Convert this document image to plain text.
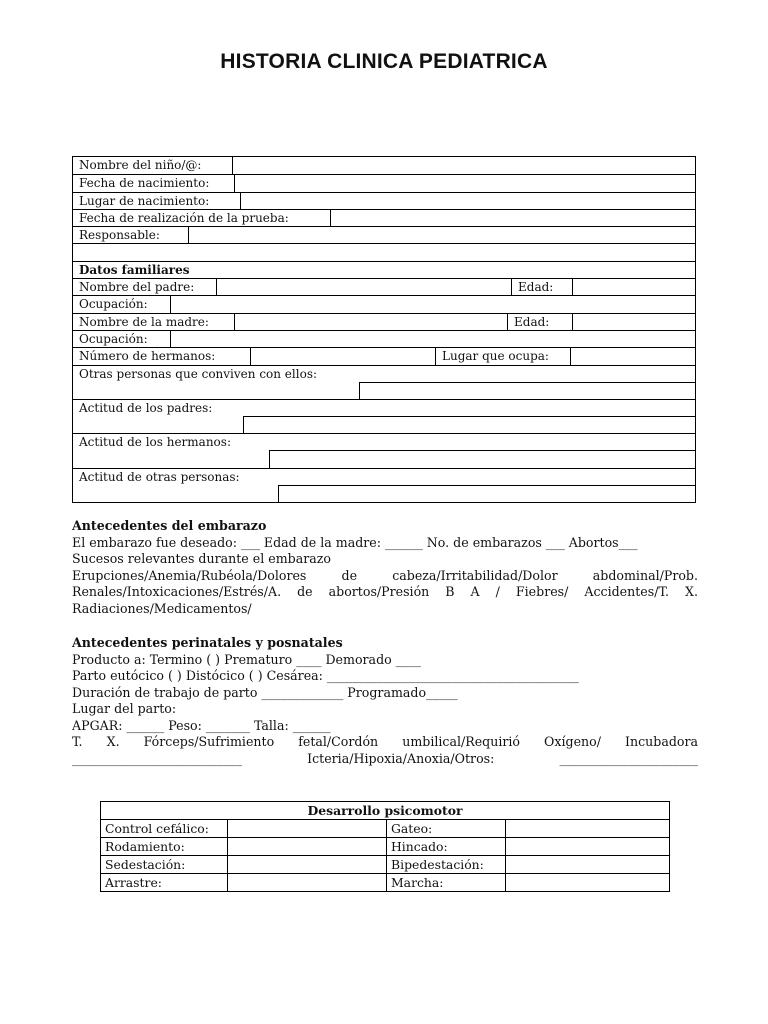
HISTORIA CLINICA PEDIATRICA
Nombre del niño/@:
Fecha de nacimiento:
Lugar de nacimiento:
Fecha de realización de la prueba:
Responsable:
Datos familiares
Nombre del padre:	Edad:
Ocupación:
Nombre de la madre:	Edad:
Ocupación:
Número de hermanos:	Lugar que ocupa:
Otras personas que conviven con ellos:
Actitud de los padres:
Actitud de los hermanos:
Actitud de otras personas:

Antecedentes del embarazo

El embarazo fue deseado: ___ Edad de la madre: ______ No. de embarazos ___ Abortos___

Sucesos relevantes durante el embarazo

Erupciones/Anemia/Rubéola/Dolores de cabeza/Irritabilidad/Dolor abdominal/Prob. Renales/Intoxicaciones/Estrés/A. de abortos/Presión B A / Fiebres/ Accidentes/T. X.

Radiaciones/Medicamentos/

Antecedentes perinatales y posnatales

Producto a: Termino ( ) Prematuro ____ Demorado ____

Parto eutócico ( ) Distócico ( ) Cesárea: ________________________________________

Duración de trabajo de parto _____________ Programado_____

Lugar del parto:

APGAR: ______ Peso: _______ Talla: ______

T. X. Fórceps/Sufrimiento fetal/Cordón umbilical/Requirió Oxígeno/ Incubadora ___________________________ Icteria/Hipoxia/Anoxia/Otros: ______________________

Desarrollo psicomotor			
Control cefálico:		Gateo:	
Rodamiento:		Hincado:	
Sedestación:		Bipedestación:	
Arrastre:		Marcha:	
